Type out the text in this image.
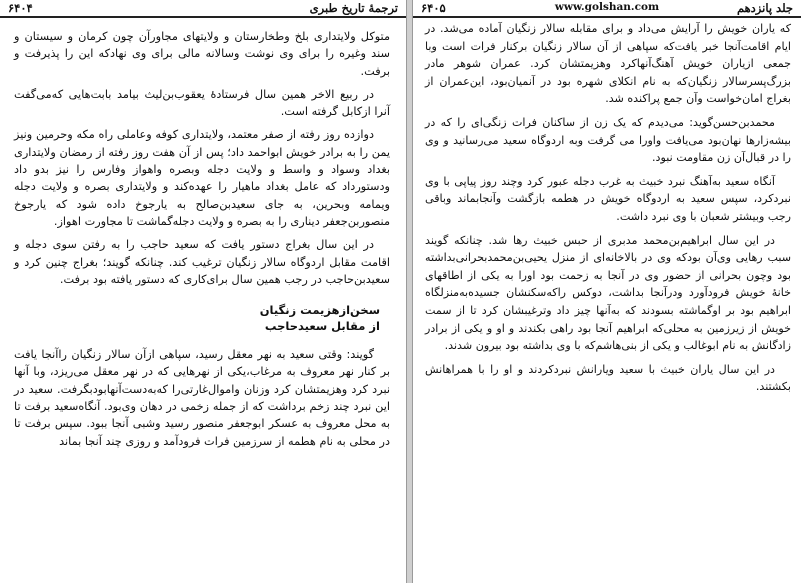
۶۴۰۴	ترجمهٔ تاریخ طبری

متوکل ولایتداری بلخ وطخارستان و ولایتهای مجاورآن چون کرمان و سیستان و سند وغیره را برای وی نوشت وسالانه مالی برای وی نهادکه این را پذیرفت و برفت.

در ربیع الاخر همین سال فرستادهٔ یعقوب‌بن‌لیث بیامد بابت‌هایی که‌می‌گفت آنرا ازکابل گرفته است.

دوازده روز رفته از صفر معتمد، ولایتداری کوفه وعاملی راه مکه وحرمین ونیز یمن را به برادر خویش ابواحمد داد؛ پس از آن هفت روز رفته از رمضان ولایتداری بغداد وسواد و واسط و ولایت دجله وبصره واهواز وفارس را نیز بدو داد ودستورداد که عامل بغداد ماهیار را عهده‌کند و ولایتداری بصره و ولایت دجله ویمامه وبحرین، به جای سعیدبن‌صالح به یارجوخ داده شود که یارجوخ منصوربن‌جعفر دیناری را به بصره و ولایت دجله‌گماشت تا مجاورت اهواز.

در این سال بغراج دستور یافت که سعید حاجب را به رفتن سوی دجله و اقامت مقابل اردوگاه سالار زنگیان ترغیب کند. چنانکه گویند؛ بغراج چنین کرد و سعیدبن‌حاجب در رجب همین سال برای‌کاری که دستور یافته بود برفت.

سخن‌ازهزیمت زنگیان
از مقابل سعیدحاجب

گویند: وقتی سعید به نهر معقل رسید، سپاهی ازآن سالار زنگیان راآنجا یافت بر کنار نهر معروف به مرغاب،یکی از نهرهایی که در نهر معقل می‌ریزد، وبا آنها نبرد کرد وهزیمتشان کرد وزنان واموال‌غارتی‌را که‌به‌دست‌آنها‌بود‌بگرفت. سعید در این نبرد چند زخم برداشت که از جمله زخمی در دهان وی‌بود. آنگاه‌سعید برفت تا به محل معروف به عسکر ابوجعفر منصور رسید وشبی آنجا ببود. سپس برفت تا در محلی به نام هطمه از سرزمین فرات فرودآمد و روزی چند آنجا بماند

۶۴۰۵	www.golshan.com	جلد پانزدهم

که یاران خویش را آرایش می‌داد و برای مقابله سالار زنگیان آماده می‌شد. در ایام اقامت‌آنجا خبر یافت‌که سپاهی از آن سالار زنگیان برکنار فرات است وبا جمعی ازیاران خویش آهنگ‌آنها‌کرد وهزیمتشان کرد. عمران شوهر مادر بزرگ‌پسرسالار زنگیان‌که به نام انکلای شهره بود در آنمیان‌بود، این‌عمران از بغراج امان‌خواست وآن جمع پراکنده شد.

محمدبن‌حسن‌گوید: می‌دیدم که یک زن از ساکنان فرات زنگی‌ای را که در بیشه‌زارها نهان‌بود می‌یافت واورا می گرفت وبه اردوگاه سعید می‌رسانید و وی را در قبال‌آن زن مقاومت نبود.

آنگاه سعید به‌آهنگ نبرد خبیث به غرب دجله عبور کرد وچند روز پیاپی با وی نبردکرد، سپس سعید به اردوگاه خویش در هطمه بازگشت وآنجا‌بماند وباقی رجب وبیشتر شعبان با وی نبرد داشت.

در این سال ابراهیم‌بن‌محمد مدبری از حبس خبیث رها شد. چنانکه گویند سبب رهایی وی‌آن بودکه وی در بالاخانه‌ای از منزل یحیی‌بن‌محمدبحرانی‌بداشته بود وچون بحرانی از حضور وی در آنجا به زحمت بود اورا به یکی از اطاقهای خانهٔ خویش فرود‌آورد ودر‌آنجا بداشت، دوکس را‌که‌سکنشان جسیده‌به‌منزلگاه ابراهیم بود بر اوگماشته بسودند که به‌آنها چیز داد وترغیبشان کرد تا از سمت خویش از زیرزمین به محلی‌که ابراهیم آنجا بود راهی بکندند و او و یکی از برادر زادگانش به نام ابوغالب و یکی از بنی‌هاشم‌که با وی بداشته بود بیرون شدند.

در این سال یاران خبیث با سعید ویارانش نبرد‌کردند و او را با همراهانش بکشتند.
